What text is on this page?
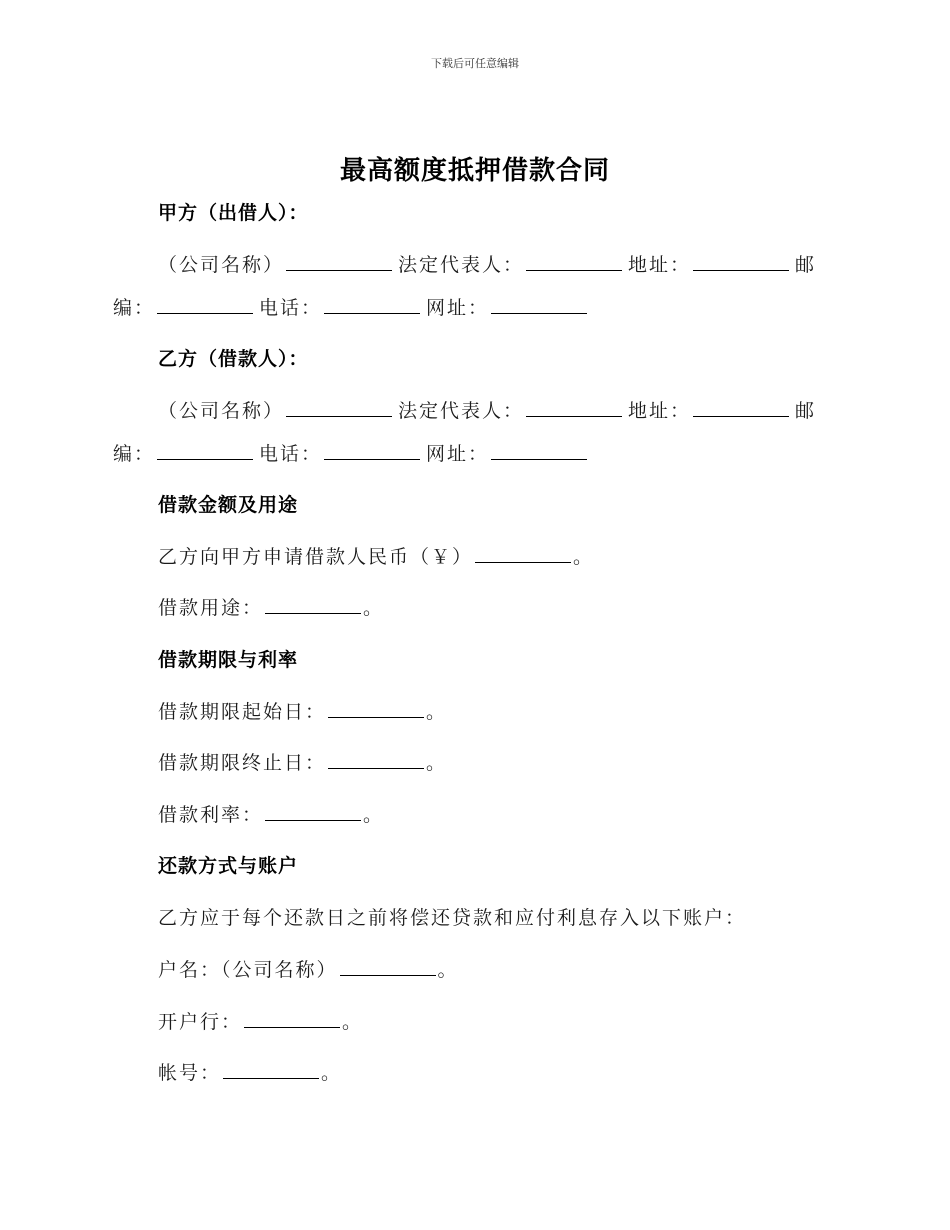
下载后可任意编辑
最高额度抵押借款合同
甲方（出借人）：
（公司名称）	法定代表人：	地址：	邮
编：	电话：	网址：
乙方（借款人）：
（公司名称）	法定代表人：	地址：	邮
编：	电话：	网址：
借款金额及用途
乙方向甲方申请借款人民币（￥）	。
借款用途：	。
借款期限与利率
借款期限起始日：	。
借款期限终止日：	。
借款利率：	。
还款方式与账户
乙方应于每个还款日之前将偿还贷款和应付利息存入以下账户：
户名：（公司名称）	。
开户行：	。
帐号：	。
